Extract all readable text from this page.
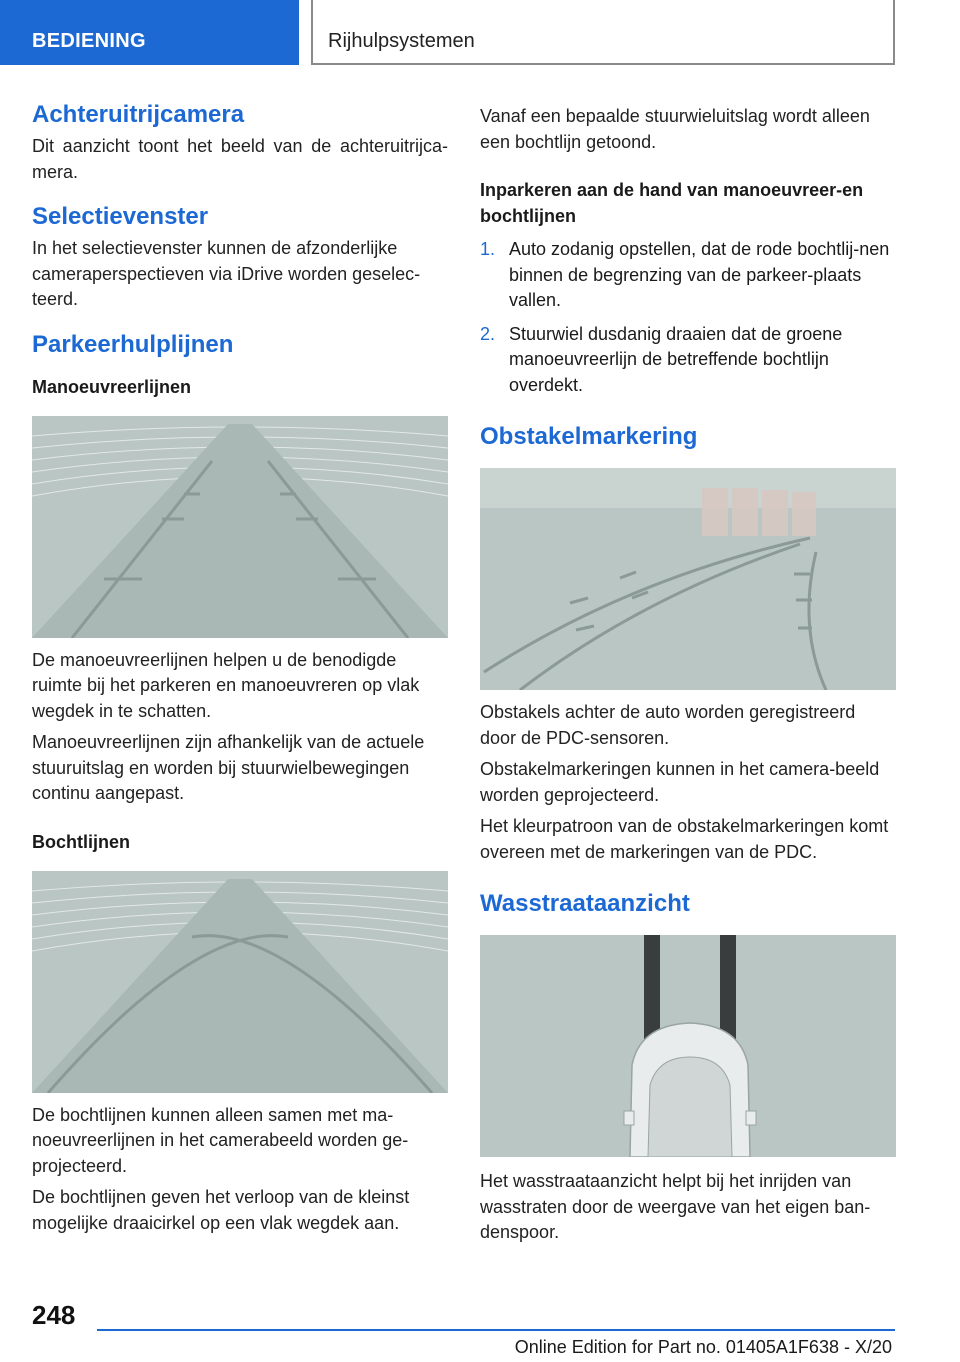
BEDIENING	Rijhulpsystemen
Achteruitrijcamera

Dit aanzicht toont het beeld van de achteruitrijca-mera.

Selectievenster

In het selectievenster kunnen de afzonderlijke cameraperspectieven via iDrive worden geselec-teerd.

Parkeerhulplijnen
Manoeuvreerlijnen

De manoeuvreerlijnen helpen u de benodigde ruimte bij het parkeren en manoeuvreren op vlak wegdek in te schatten.

Manoeuvreerlijnen zijn afhankelijk van de actuele stuuruitslag en worden bij stuurwielbewegingen continu aangepast.

Bochtlijnen

De bochtlijnen kunnen alleen samen met ma-noeuvreerlijnen in het camerabeeld worden ge-projecteerd.

De bochtlijnen geven het verloop van de kleinst mogelijke draaicirkel op een vlak wegdek aan.

Vanaf een bepaalde stuurwieluitslag wordt alleen een bochtlijn getoond.

Inparkeren aan de hand van manoeuvreer-en bochtlijnen
1. Auto zodanig opstellen, dat de rode bochtlij-nen binnen de begrenzing van de parkeer-plaats vallen.
2. Stuurwiel dusdanig draaien dat de groene manoeuvreerlijn de betreffende bochtlijn overdekt.
Obstakelmarkering

Obstakels achter de auto worden geregistreerd door de PDC-sensoren.

Obstakelmarkeringen kunnen in het camera-beeld worden geprojecteerd.

Het kleurpatroon van de obstakelmarkeringen komt overeen met de markeringen van de PDC.

Wasstraataanzicht

Het wasstraataanzicht helpt bij het inrijden van wasstraten door de weergave van het eigen ban-denspoor.

248
Online Edition for Part no. 01405A1F638 - X/20
